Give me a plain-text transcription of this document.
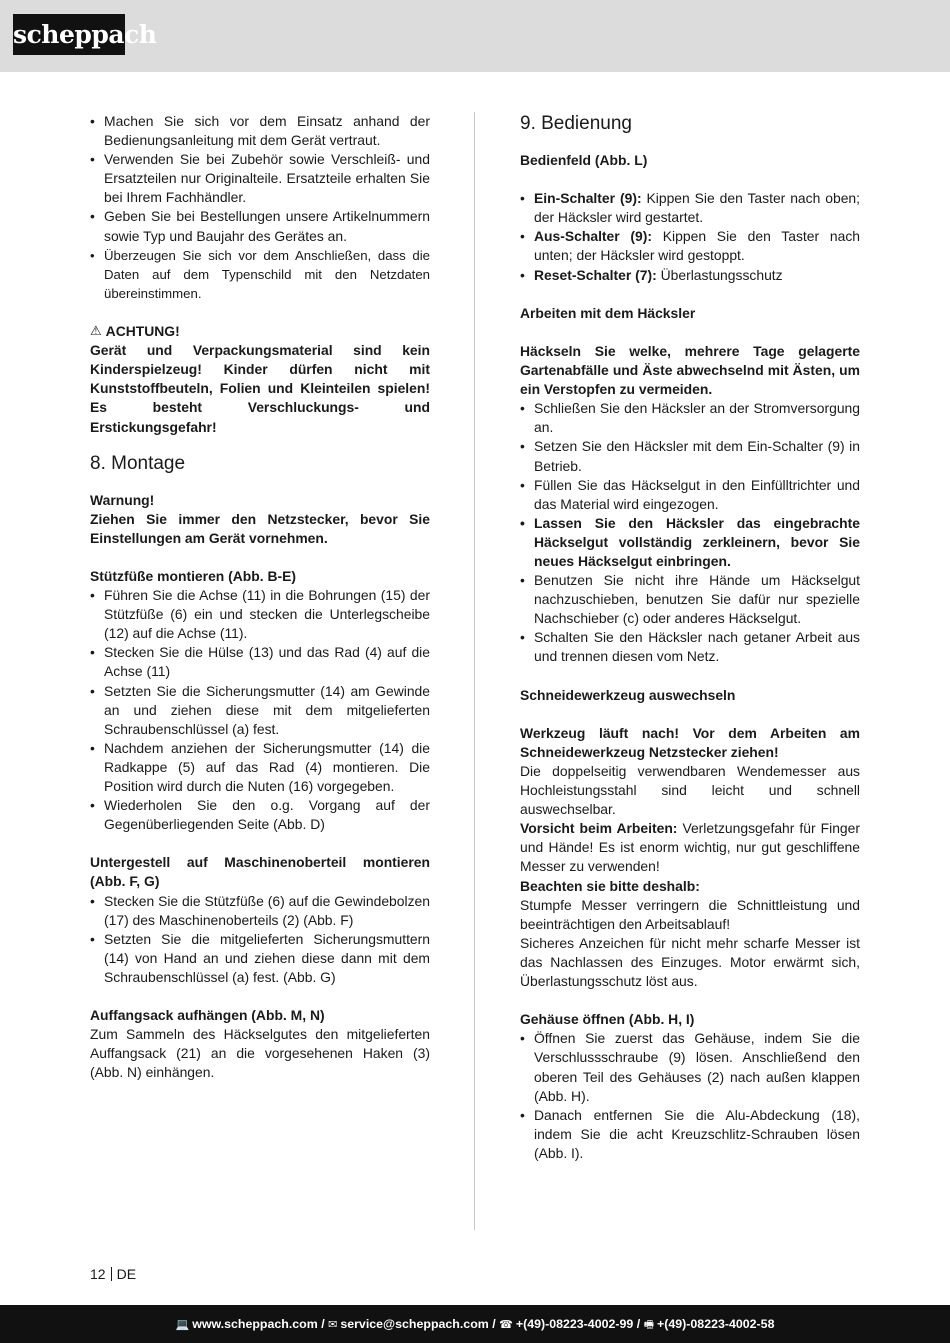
scheppach
• Machen Sie sich vor dem Einsatz anhand der Bedienungsanleitung mit dem Gerät vertraut.
• Verwenden Sie bei Zubehör sowie Verschleiß- und Ersatzteilen nur Originalteile. Ersatzteile erhalten Sie bei Ihrem Fachhändler.
• Geben Sie bei Bestellungen unsere Artikelnummern sowie Typ und Baujahr des Gerätes an.
• Überzeugen Sie sich vor dem Anschließen, dass die Daten auf dem Typenschild mit den Netzdaten übereinstimmen.

⚠ ACHTUNG!

Gerät und Verpackungsmaterial sind kein Kinderspielzeug! Kinder dürfen nicht mit Kunststoffbeuteln, Folien und Kleinteilen spielen! Es besteht Verschluckungs- und Erstickungsgefahr!

8. Montage

Warnung!

Ziehen Sie immer den Netzstecker, bevor Sie Einstellungen am Gerät vornehmen.

Stützfüße montieren (Abb. B-E)

• Führen Sie die Achse (11) in die Bohrungen (15) der Stützfüße (6) ein und stecken die Unterlegscheibe (12) auf die Achse (11).
• Stecken Sie die Hülse (13) und das Rad (4) auf die Achse (11)
• Setzten Sie die Sicherungsmutter (14) am Gewinde an und ziehen diese mit dem mitgelieferten Schraubenschlüssel (a) fest.
• Nachdem anziehen der Sicherungsmutter (14) die Radkappe (5) auf das Rad (4) montieren. Die Position wird durch die Nuten (16) vorgegeben.
• Wiederholen Sie den o.g. Vorgang auf der Gegenüberliegenden Seite (Abb. D)

Untergestell auf Maschinenoberteil montieren (Abb. F, G)

• Stecken Sie die Stützfüße (6) auf die Gewindebolzen (17) des Maschinenoberteils (2) (Abb. F)
• Setzten Sie die mitgelieferten Sicherungsmuttern (14) von Hand an und ziehen diese dann mit dem Schraubenschlüssel (a) fest. (Abb. G)

Auffangsack aufhängen (Abb. M, N)

Zum Sammeln des Häckselgutes den mitgelieferten Auffangsack (21) an die vorgesehenen Haken (3) (Abb. N) einhängen.

9. Bedienung

Bedienfeld (Abb. L)

• Ein-Schalter (9): Kippen Sie den Taster nach oben; der Häcksler wird gestartet.
• Aus-Schalter (9): Kippen Sie den Taster nach unten; der Häcksler wird gestoppt.
• Reset-Schalter (7): Überlastungsschutz

Arbeiten mit dem Häcksler

Häckseln Sie welke, mehrere Tage gelagerte Gartenabfälle und Äste abwechselnd mit Ästen, um ein Verstopfen zu vermeiden.

• Schließen Sie den Häcksler an der Stromversorgung an.
• Setzen Sie den Häcksler mit dem Ein-Schalter (9) in Betrieb.
• Füllen Sie das Häckselgut in den Einfülltrichter und das Material wird eingezogen.
• Lassen Sie den Häcksler das eingebrachte Häckselgut vollständig zerkleinern, bevor Sie neues Häckselgut einbringen.
• Benutzen Sie nicht ihre Hände um Häckselgut nachzuschieben, benutzen Sie dafür nur spezielle Nachschieber (c) oder anderes Häckselgut.
• Schalten Sie den Häcksler nach getaner Arbeit aus und trennen diesen vom Netz.

Schneidewerkzeug auswechseln

Werkzeug läuft nach! Vor dem Arbeiten am Schneidewerkzeug Netzstecker ziehen!

Die doppelseitig verwendbaren Wendemesser aus Hochleistungsstahl sind leicht und schnell auswechselbar.

Vorsicht beim Arbeiten: Verletzungsgefahr für Finger und Hände! Es ist enorm wichtig, nur gut geschliffene Messer zu verwenden!

Beachten sie bitte deshalb:

Stumpfe Messer verringern die Schnittleistung und beeinträchtigen den Arbeitsablauf!

Sicheres Anzeichen für nicht mehr scharfe Messer ist das Nachlassen des Einzuges. Motor erwärmt sich, Überlastungsschutz löst aus.

Gehäuse öffnen (Abb. H, I)

• Öffnen Sie zuerst das Gehäuse, indem Sie die Verschlussschraube (9) lösen. Anschließend den oberen Teil des Gehäuses (2) nach außen klappen (Abb. H).
• Danach entfernen Sie die Alu-Abdeckung (18), indem Sie die acht Kreuzschlitz-Schrauben lösen (Abb. I).
12 DE
💻 www.scheppach.com / ✉ service@scheppach.com / ☎ +(49)-08223-4002-99 / 🖷 +(49)-08223-4002-58
